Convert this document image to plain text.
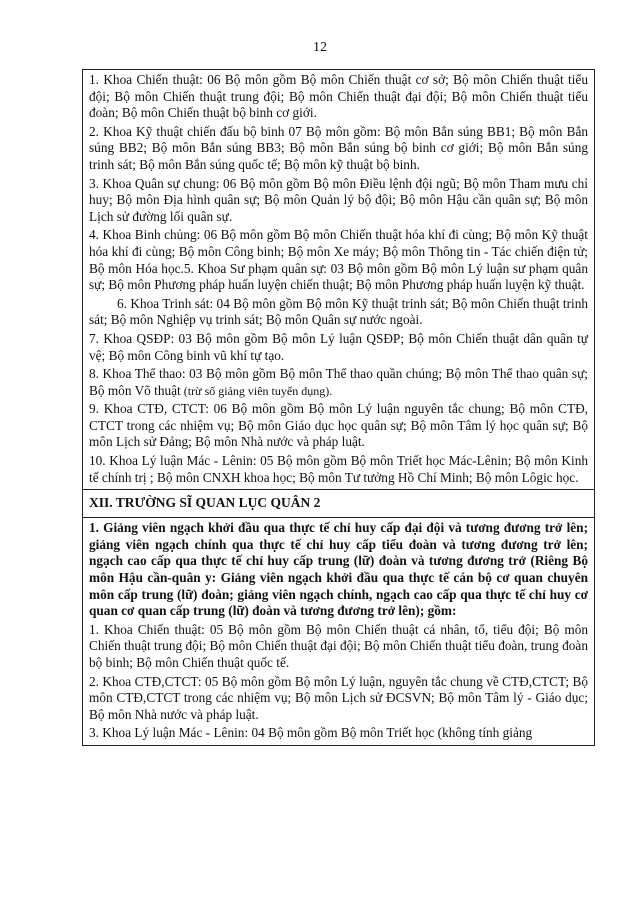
12

1. Khoa Chiến thuật: 06 Bộ môn gồm Bộ môn Chiến thuật cơ sở; Bộ môn Chiến thuật tiểu đội; Bộ môn Chiến thuật trung đội; Bộ môn Chiến thuật đại đội; Bộ môn Chiến thuật tiểu đoàn; Bộ môn Chiến thuật bộ binh cơ giới.

2. Khoa Kỹ thuật chiến đấu bộ binh 07 Bộ môn gồm: Bộ môn Bắn súng BB1; Bộ môn Bắn súng BB2; Bộ môn Bắn súng BB3; Bộ môn Bắn súng bộ binh cơ giới; Bộ môn Bắn súng trinh sát; Bộ môn Bắn súng quốc tế; Bộ môn kỹ thuật bộ binh.

3. Khoa Quân sự chung: 06 Bộ môn gồm Bộ môn Điều lệnh đội ngũ; Bộ môn Tham mưu chỉ huy; Bộ môn Địa hình quân sự; Bộ môn Quản lý bộ đội; Bộ môn Hậu cần quân sự; Bộ môn Lịch sử đường lối quân sự.

4. Khoa Binh chủng: 06 Bộ môn gồm Bộ môn Chiến thuật hóa khí đi cùng; Bộ môn Kỹ thuật hóa khí đi cùng; Bộ môn Công binh; Bộ môn Xe máy; Bộ môn Thông tin - Tác chiến điện tử; Bộ môn Hóa học.5. Khoa Sư phạm quân sự: 03 Bộ môn gồm Bộ môn Lý luận sư phạm quân sự; Bộ môn Phương pháp huấn luyện chiến thuật; Bộ môn Phương pháp huấn luyện kỹ thuật.

6. Khoa Trinh sát: 04 Bộ môn gồm Bộ môn Kỹ thuật trinh sát; Bộ môn Chiến thuật trinh sát; Bộ môn Nghiệp vụ trinh sát; Bộ môn Quân sự nước ngoài.

7. Khoa QSĐP: 03 Bộ môn gồm Bộ môn Lý luận QSĐP; Bộ môn Chiến thuật dân quân tự vệ; Bộ môn Công binh vũ khí tự tạo.

8. Khoa Thể thao: 03 Bộ môn gồm Bộ môn Thể thao quần chúng; Bộ môn Thể thao quân sự; Bộ môn Võ thuật (trừ số giảng viên tuyển dụng).

9. Khoa CTĐ, CTCT: 06 Bộ môn gồm Bộ môn Lý luận nguyên tắc chung; Bộ môn CTĐ, CTCT trong các nhiệm vụ; Bộ môn Giáo dục học quân sự; Bộ môn Tâm lý học quân sự; Bộ môn Lịch sử Đảng; Bộ môn Nhà nước và pháp luật.

10. Khoa Lý luận Mác - Lênin: 05 Bộ môn gồm Bộ môn Triết học Mác-Lênin; Bộ môn Kinh tế chính trị ; Bộ môn CNXH khoa học; Bộ môn Tư tưởng Hồ Chí Minh; Bộ môn Lôgic học.

XII. TRƯỜNG SĨ QUAN LỤC QUÂN 2

1. Giảng viên ngạch khởi đầu qua thực tế chỉ huy cấp đại đội và tương đương trở lên; giảng viên ngạch chính qua thực tế chỉ huy cấp tiểu đoàn và tương đương trở lên; ngạch cao cấp qua thực tế chỉ huy cấp trung (lữ) đoàn và tương đương trở (Riêng Bộ môn Hậu cần-quân y: Giảng viên ngạch khởi đầu qua thực tế cán bộ cơ quan chuyên môn cấp trung (lữ) đoàn; giảng viên ngạch chính, ngạch cao cấp qua thực tế chỉ huy cơ quan cơ quan cấp trung (lữ) đoàn và tương đương trở lên); gồm:

1. Khoa Chiến thuật: 05 Bộ môn gồm Bộ môn Chiến thuật cá nhân, tổ, tiểu đội; Bộ môn Chiến thuật trung đội; Bộ môn Chiến thuật đại đội; Bộ môn Chiến thuật tiểu đoàn, trung đoàn bộ binh; Bộ môn Chiến thuật quốc tế.

2. Khoa CTĐ,CTCT: 05 Bộ môn gồm Bộ môn Lý luận, nguyên tắc chung về CTĐ,CTCT; Bộ môn CTĐ,CTCT trong các nhiệm vụ; Bộ môn Lịch sử ĐCSVN; Bộ môn Tâm lý - Giáo dục; Bộ môn Nhà nước và pháp luật.

3. Khoa Lý luận Mác - Lênin: 04 Bộ môn gồm Bộ môn Triết học (không tính giảng
